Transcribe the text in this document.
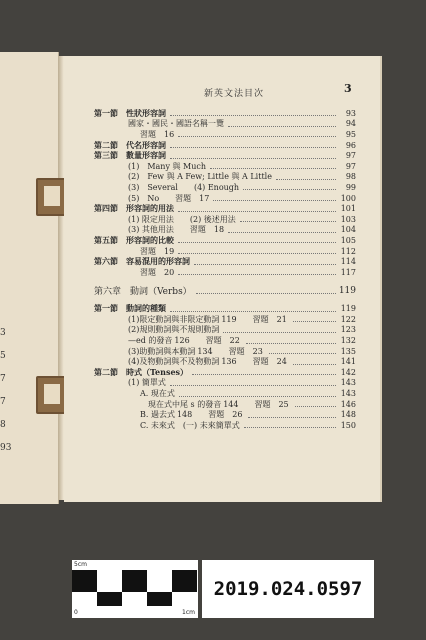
3
5
7
7
8
93
新英文法目次	3
第一節　性狀形容詞	93
國家・國民・國語名稱一覽	94
習題　16	95
第二節　代名形容詞	96
第三節　數量形容詞	97
(1)　Many 與 Much	97
(2)　Few 與 A Few; Little 與 A Little	98
(3)　Several　　(4) Enough	99
(5)　No　　習題　17	100
第四節　形容詞的用法	101
(1) 限定用法　　(2) 後述用法	103
(3) 其他用法　　習題　18	104
第五節　形容詞的比較	105
習題　19	112
第六節　容易混用的形容詞	114
習題　20	117
第六章　動詞（Verbs）	119
第一節　動詞的種類	119
(1)限定動詞與非限定動詞 119　　習題　21	122
(2)規則動詞與不規則動詞	123
—ed 的發音 126　　習題　22	132
(3)助動詞與本動詞 134　　習題　23	135
(4)及物動詞與不及物動詞 136　　習題　24	141
第二節　時式（Tenses）	142
(1) 簡單式	143
A. 現在式	143
現在式中尾 s 的發音 144　　習題　25	146
B. 過去式 148　　習題　26	148
C. 未來式　(一) 未來簡單式	150
5cm
0	1cm
2019.024.0597
